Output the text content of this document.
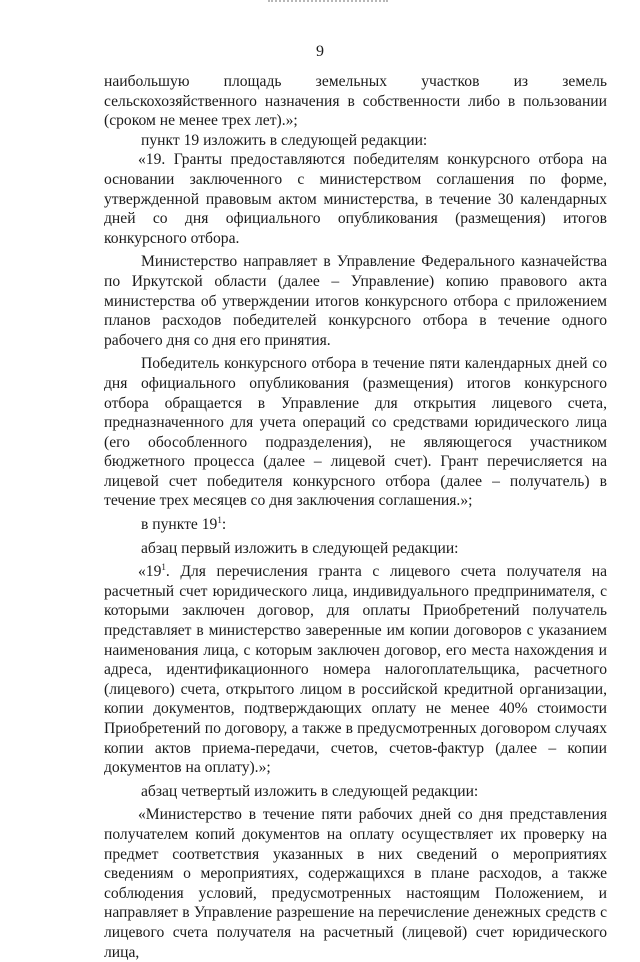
9

наибольшую площадь земельных участков из земель сельскохозяйственного назначения в собственности либо в пользовании (сроком не менее трех лет).»;

пункт 19 изложить в следующей редакции:

«19. Гранты предоставляются победителям конкурсного отбора на основании заключенного с министерством соглашения по форме, утвержденной правовым актом министерства, в течение 30 календарных дней со дня официального опубликования (размещения) итогов конкурсного отбора.

Министерство направляет в Управление Федерального казначейства по Иркутской области (далее – Управление) копию правового акта министерства об утверждении итогов конкурсного отбора с приложением планов расходов победителей конкурсного отбора в течение одного рабочего дня со дня его принятия.

Победитель конкурсного отбора в течение пяти календарных дней со дня официального опубликования (размещения) итогов конкурсного отбора обращается в Управление для открытия лицевого счета, предназначенного для учета операций со средствами юридического лица (его обособленного подразделения), не являющегося участником бюджетного процесса (далее – лицевой счет). Грант перечисляется на лицевой счет победителя конкурсного отбора (далее – получатель) в течение трех месяцев со дня заключения соглашения.»;

в пункте $19^1$:

абзац первый изложить в следующей редакции:

«$19^1$. Для перечисления гранта с лицевого счета получателя на расчетный счет юридического лица, индивидуального предпринимателя, с которыми заключен договор, для оплаты Приобретений получатель представляет в министерство заверенные им копии договоров с указанием наименования лица, с которым заключен договор, его места нахождения и адреса, идентификационного номера налогоплательщика, расчетного (лицевого) счета, открытого лицом в российской кредитной организации, копии документов, подтверждающих оплату не менее 40% стоимости Приобретений по договору, а также в предусмотренных договором случаях копии актов приема-передачи, счетов, счетов-фактур (далее – копии документов на оплату).»;

абзац четвертый изложить в следующей редакции:

«Министерство в течение пяти рабочих дней со дня представления получателем копий документов на оплату осуществляет их проверку на предмет соответствия указанных в них сведений о мероприятиях сведениям о мероприятиях, содержащихся в плане расходов, а также соблюдения условий, предусмотренных настоящим Положением, и направляет в Управление разрешение на перечисление денежных средств с лицевого счета получателя на расчетный (лицевой) счет юридического лица,
